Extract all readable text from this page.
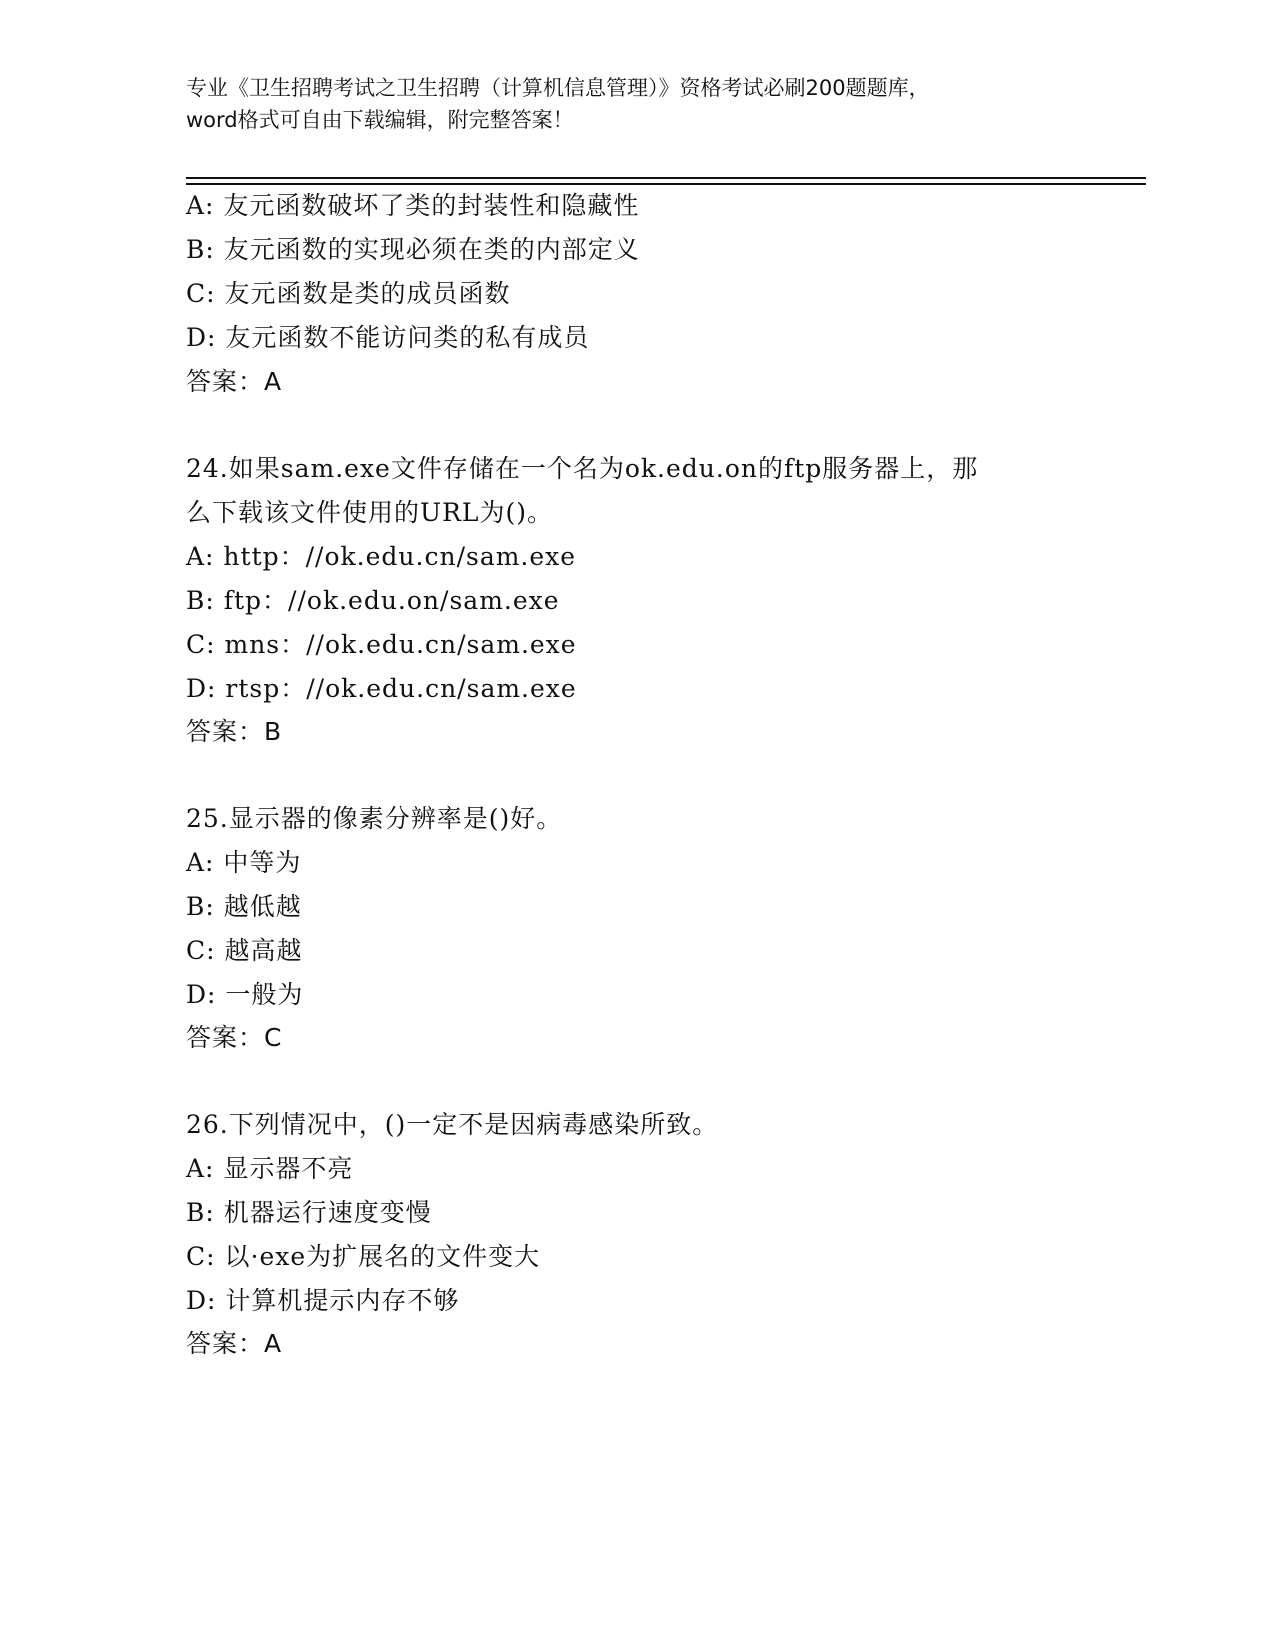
专业《卫生招聘考试之卫生招聘（计算机信息管理）》资格考试必刷200题题库，
word格式可自由下载编辑，附完整答案！
A: 友元函数破坏了类的封装性和隐藏性
B: 友元函数的实现必须在类的内部定义
C: 友元函数是类的成员函数
D: 友元函数不能访问类的私有成员
答案：A
24.如果sam.exe文件存储在一个名为ok.edu.on的ftp服务器上，那
么下载该文件使用的URL为()。
A: http：//ok.edu.cn/sam.exe
B: ftp：//ok.edu.on/sam.exe
C: mns：//ok.edu.cn/sam.exe
D: rtsp：//ok.edu.cn/sam.exe
答案：B
25.显示器的像素分辨率是()好。
A: 中等为
B: 越低越
C: 越高越
D: 一般为
答案：C
26.下列情况中，()一定不是因病毒感染所致。
A: 显示器不亮
B: 机器运行速度变慢
C: 以·exe为扩展名的文件变大
D: 计算机提示内存不够
答案：A
